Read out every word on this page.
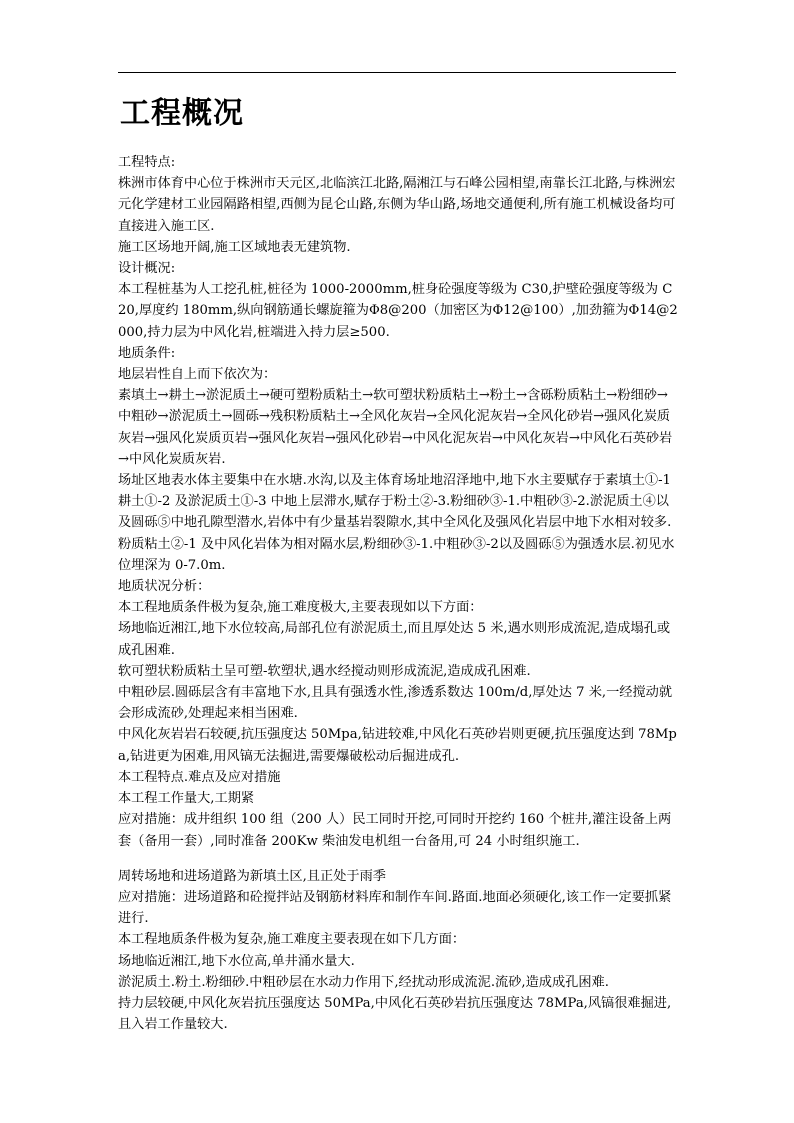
工程概况

工程特点:

株洲市体育中心位于株洲市天元区,北临滨江北路,隔湘江与石峰公园相望,南靠长江北路,与株洲宏元化学建材工业园隔路相望,西侧为昆仑山路,东侧为华山路,场地交通便利,所有施工机械设备均可直接进入施工区.

施工区场地开阔,施工区域地表无建筑物.

设计概况:

本工程桩基为人工挖孔桩,桩径为 1000-2000mm,桩身砼强度等级为 C30,护壁砼强度等级为 C20,厚度约 180mm,纵向钢筋通长螺旋箍为Φ8@200（加密区为Φ12@100）,加劲箍为Φ14@2000,持力层为中风化岩,桩端进入持力层≥500.

地质条件:

地层岩性自上而下依次为：

素填土→耕土→淤泥质土→硬可塑粉质粘土→软可塑状粉质粘土→粉土→含砾粉质粘土→粉细砂→中粗砂→淤泥质土→圆砾→残积粉质粘土→全风化灰岩→全风化泥灰岩→全风化砂岩→强风化炭质灰岩→强风化炭质页岩→强风化灰岩→强风化砂岩→中风化泥灰岩→中风化灰岩→中风化石英砂岩→中风化炭质灰岩.

场址区地表水体主要集中在水塘.水沟,以及主体育场址地沼泽地中,地下水主要赋存于素填土①-1 耕土①-2 及淤泥质土①-3 中地上层滞水,赋存于粉土②-3.粉细砂③-1.中粗砂③-2.淤泥质土④以及圆砾⑤中地孔隙型潜水,岩体中有少量基岩裂隙水,其中全风化及强风化岩层中地下水相对较多.粉质粘土②-1 及中风化岩体为相对隔水层,粉细砂③-1.中粗砂③-2以及圆砾⑤为强透水层.初见水位埋深为 0-7.0m.

地质状况分析：

本工程地质条件极为复杂,施工难度极大,主要表现如以下方面：

场地临近湘江,地下水位较高,局部孔位有淤泥质土,而且厚处达 5 米,遇水则形成流泥,造成塌孔或成孔困难.

软可塑状粉质粘土呈可塑-软塑状,遇水经搅动则形成流泥,造成成孔困难.

中粗砂层.圆砾层含有丰富地下水,且具有强透水性,渗透系数达 100m/d,厚处达 7 米,一经搅动就会形成流砂,处理起来相当困难.

中风化灰岩岩石较硬,抗压强度达 50Mpa,钻进较难,中风化石英砂岩则更硬,抗压强度达到 78Mpa,钻进更为困难,用风镐无法掘进,需要爆破松动后掘进成孔.

本工程特点.难点及应对措施

本工程工作量大,工期紧

应对措施：成井组织 100 组（200 人）民工同时开挖,可同时开挖约 160 个桩井,灌注设备上两套（备用一套）,同时准备 200Kw 柴油发电机组一台备用,可 24 小时组织施工.

周转场地和进场道路为新填土区,且正处于雨季

应对措施：进场道路和砼搅拌站及钢筋材料库和制作车间.路面.地面必须硬化,该工作一定要抓紧进行.

本工程地质条件极为复杂,施工难度主要表现在如下几方面：

场地临近湘江,地下水位高,单井涌水量大.

淤泥质土.粉土.粉细砂.中粗砂层在水动力作用下,经扰动形成流泥.流砂,造成成孔困难.

持力层较硬,中风化灰岩抗压强度达 50MPa,中风化石英砂岩抗压强度达 78MPa,风镐很难掘进,且入岩工作量较大.
